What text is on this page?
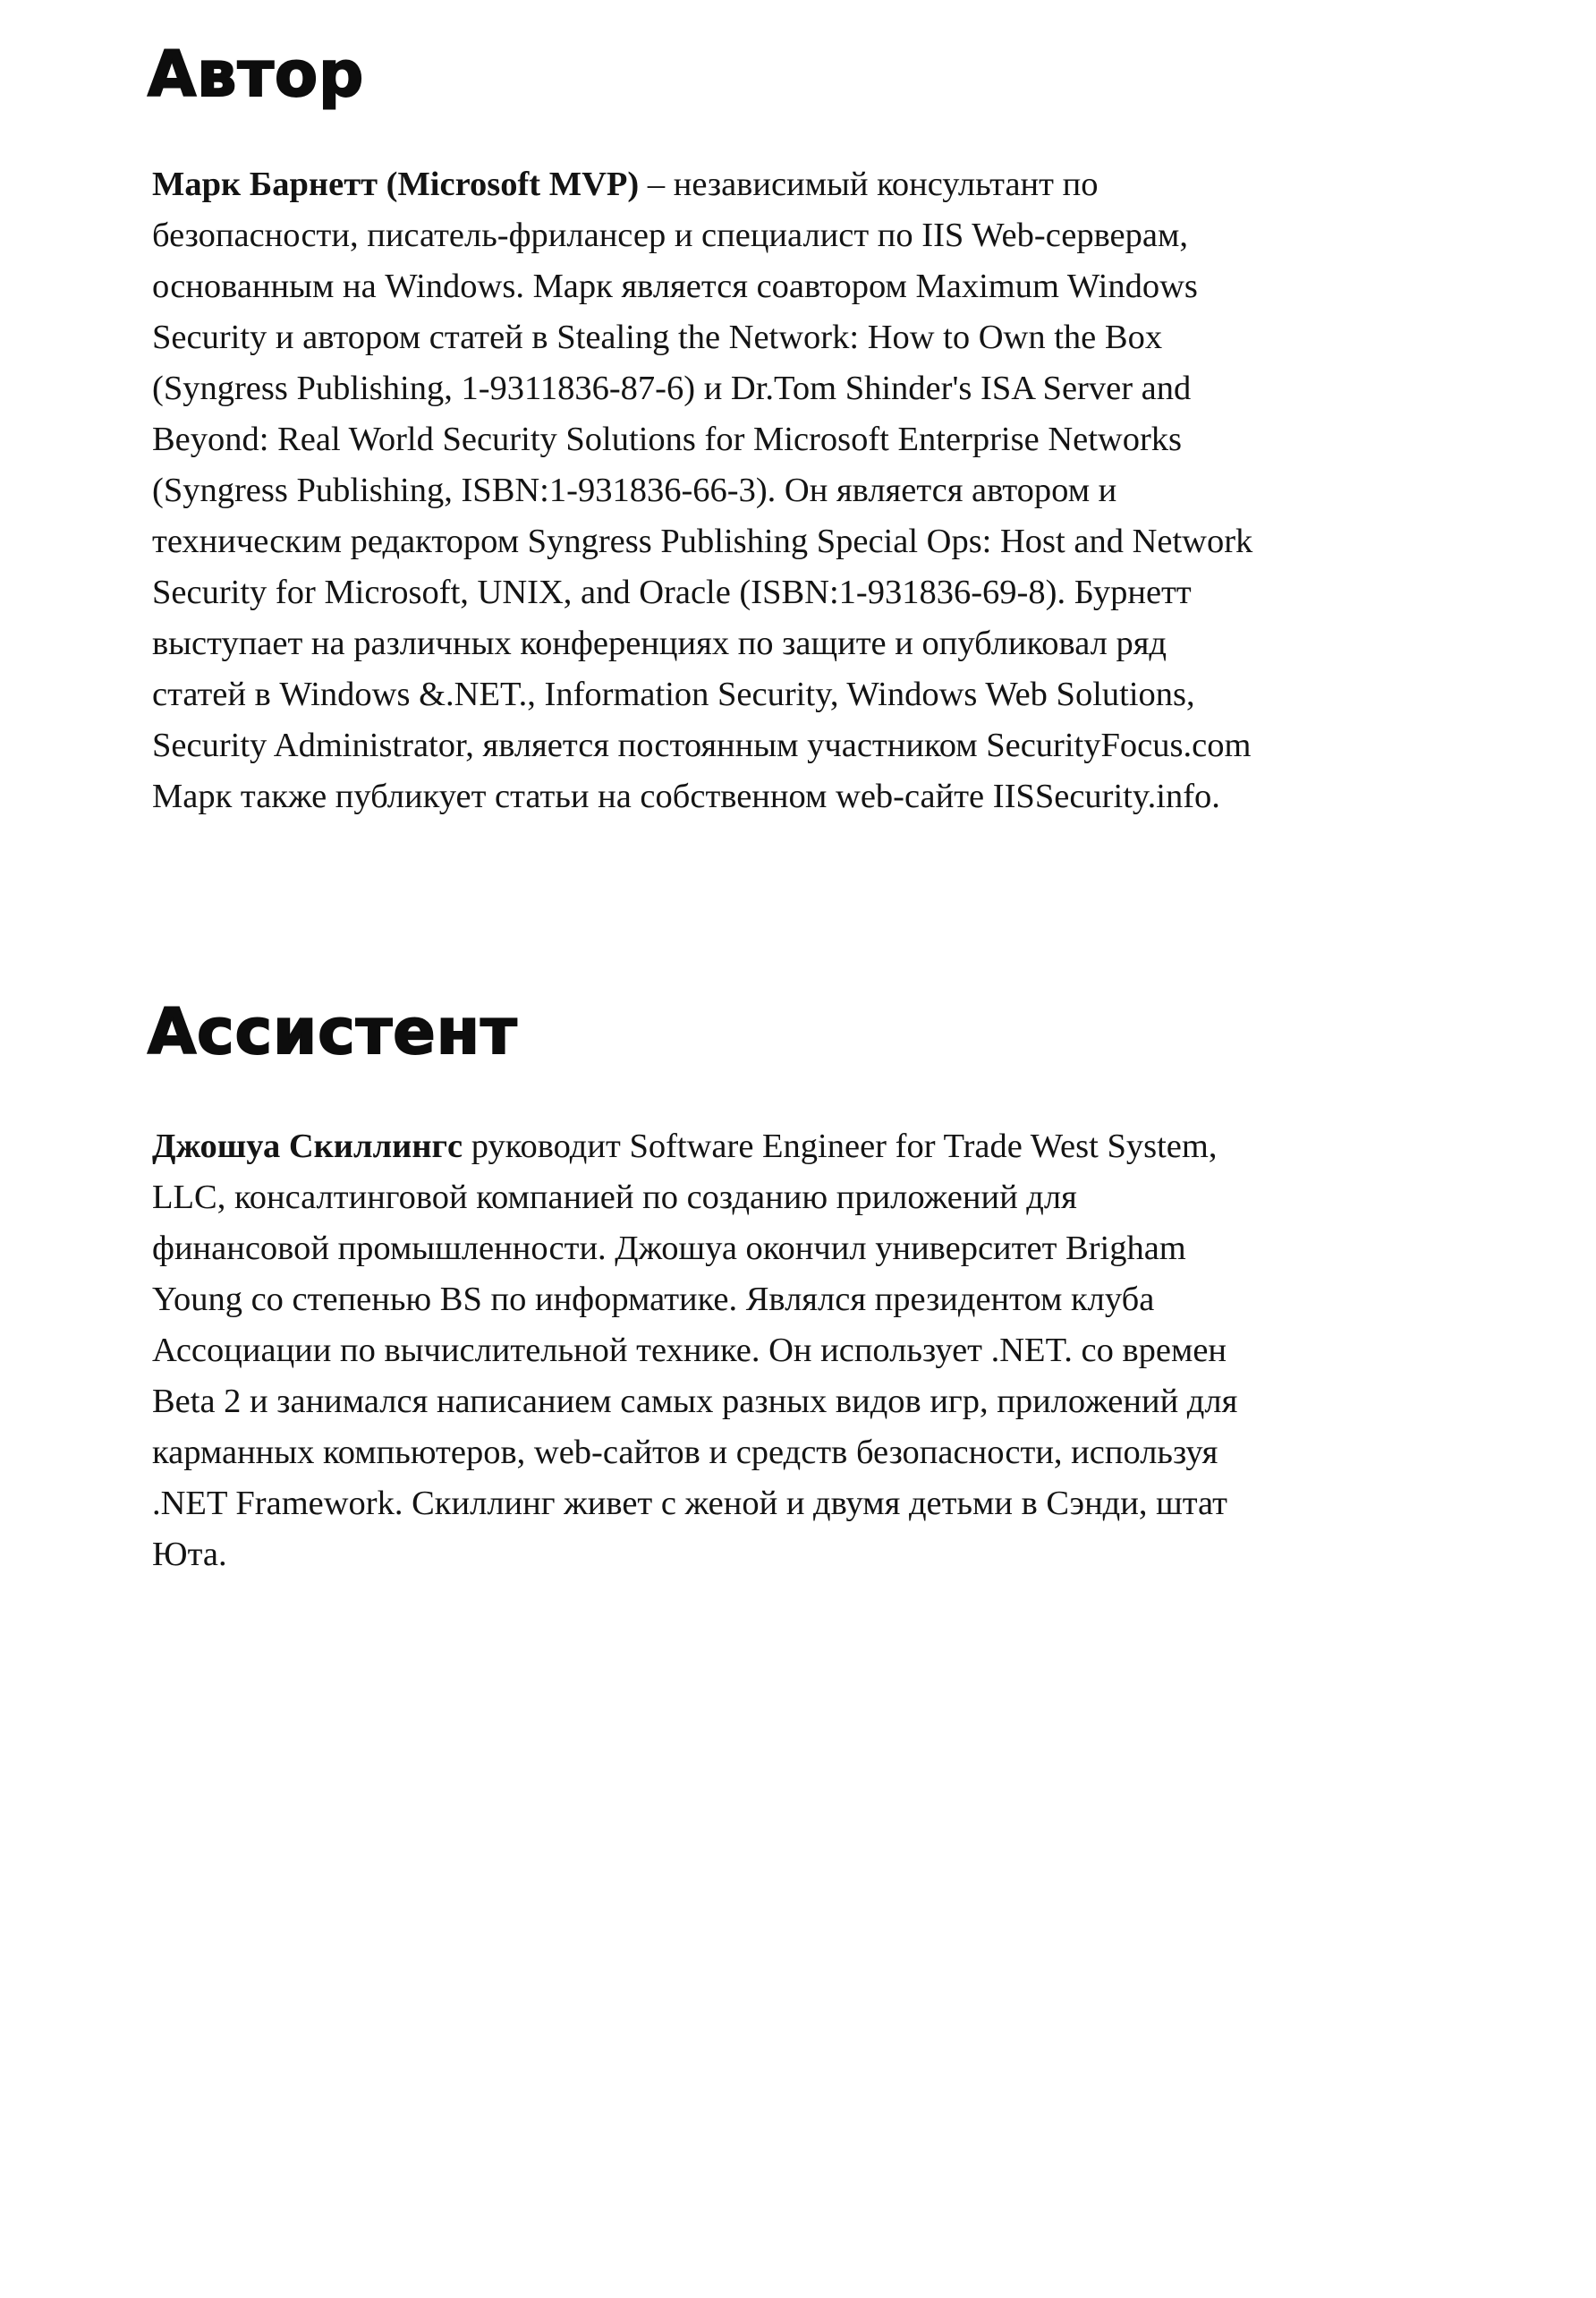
Автор

Марк Барнетт (Microsoft MVP) – независимый консультант по
безопасности, писатель-фрилансер и специалист по IIS Web-серверам,
основанным на Windows. Марк является соавтором Maximum Windows
Security и автором статей в Stealing the Network: How to Own the Box
(Syngress Publishing, 1-9311836-87-6) и Dr.Tom Shinder's ISA Server and
Beyond: Real World Security Solutions for Microsoft Enterprise Networks
(Syngress Publishing, ISBN:1-931836-66-3). Он является автором и
техническим редактором Syngress Publishing Special Ops: Host and Network
Security for Microsoft, UNIX, and Oracle (ISBN:1-931836-69-8). Бурнетт
выступает на различных конференциях по защите и опубликовал ряд
статей в Windows &.NET., Information Security, Windows Web Solutions,
Security Administrator, является постоянным участником SecurityFocus.com
Марк также публикует статьи на собственном web-сайте IISSecurity.info.

Ассистент

Джошуа Скиллингс руководит Software Engineer for Trade West System,
LLC, консалтинговой компанией по созданию приложений для
финансовой промышленности. Джошуа окончил университет Brigham
Young со степенью BS по информатике. Являлся президентом клуба
Ассоциации по вычислительной технике. Он использует .NET. со времен
Beta 2 и занимался написанием самых разных видов игр, приложений для
карманных компьютеров, web-сайтов и средств безопасности, используя
.NET Framework. Скиллинг живет с женой и двумя детьми в Сэнди, штат
Юта.
